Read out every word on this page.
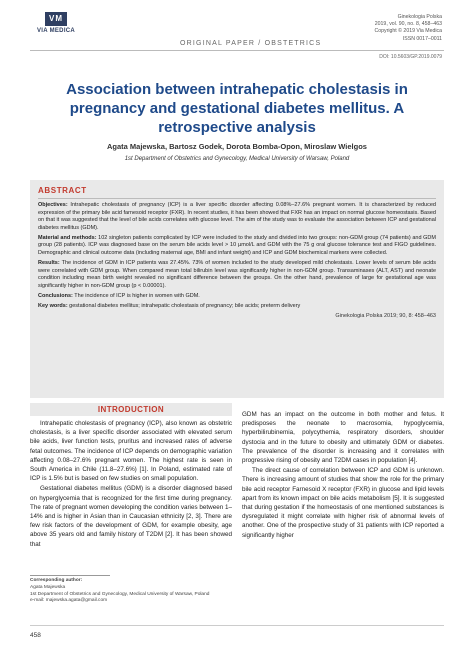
VM
VIA MEDICA
ORIGINAL PAPER / OBSTETRICS
Ginekologia Polska
2019, vol. 90, no. 8, 458–463
Copyright © 2019 Via Medica
ISSN 0017–0011
DOI: 10.5603/GP.2019.0079
Association between intrahepatic cholestasis in pregnancy and gestational diabetes mellitus. A retrospective analysis
Agata Majewska, Bartosz Godek, Dorota Bomba-Opon, Miroslaw Wielgos
1st Department of Obstetrics and Gynecology, Medical University of Warsaw, Poland
ABSTRACT

Objectives: Intrahepatic cholestasis of pregnancy (ICP) is a liver specific disorder affecting 0.08%–27.6% pregnant women. It is characterized by reduced expression of the primary bile acid farnesoid receptor (FXR). In recent studies, it has been showed that FXR has an impact on normal glucose homeostasis. Based on that it was suggested that the level of bile acids correlates with glucose level. The aim of the study was to evaluate the association between ICP and gestational diabetes mellitus (GDM).

Material and methods: 102 singleton patients complicated by ICP were included to the study and divided into two groups: non-GDM group (74 patients) and GDM group (28 patients). ICP was diagnosed base on the serum bile acids level > 10 µmol/L and GDM with the 75 g oral glucose tolerance test and FIGO guidelines. Demographic and clinical outcome data (including maternal age, BMI and infant weight) and ICP and GDM biochemical markers were collected.

Results: The incidence of GDM in ICP patients was 27.45%. 73% of women included to the study developed mild cholestasis. Lower levels of serum bile acids were correlated with GDM group. When compared mean total bilirubin level was significantly higher in non-GDM group. Transaminases (ALT, AST) and neonate condition including mean birth weight revealed no significant difference between the groups. On the other hand, prevalence of large for gestational age was significantly higher in non-GDM group (p < 0.00001).

Conclusions: The incidence of ICP is higher in women with GDM.

Key words: gestational diabetes mellitus; intrahepatic cholestasis of pregnancy; bile acids; preterm delivery

Ginekologia Polska 2019; 90, 8: 458–463
INTRODUCTION

Intrahepatic cholestasis of pregnancy (ICP), also known as obstetric cholestasis, is a liver specific disorder associated with elevated serum bile acids, liver function tests, pruritus and increased rates of adverse fetal outcomes. The incidence of ICP depends on demographic variation affecting 0.08–27.6% pregnant women. The highest rate is seen in South America in Chile (11.8–27.6%) [1]. In Poland, estimated rate of ICP is 1.5% but is based on few studies on small population.

Gestational diabetes mellitus (GDM) is a disorder diagnosed based on hyperglycemia that is recognized for the first time during pregnancy. The rate of pregnant women developing the condition varies between 1–14% and is higher in Asian than in Caucasian ethnicity [2, 3]. There are few risk factors of the development of GDM, for example obesity, age above 35 years old and family history of T2DM [2]. It has been showed that

GDM has an impact on the outcome in both mother and fetus. It predisposes the neonate to macrosomia, hypoglycemia, hyperbilirubinemia, polycythemia, respiratory disorders, shoulder dystocia and in the future to obesity and ultimately GDM or diabetes. The prevalence of the disorder is increasing and it correlates with progressive rising of obesity and T2DM cases in population [4].

The direct cause of correlation between ICP and GDM is unknown. There is increasing amount of studies that show the role for the primary bile acid receptor Farnesoid X receptor (FXR) in glucose and lipid levels apart from its known impact on bile acids metabolism [5]. It is suggested that during gestation if the homeostasis of one mentioned substances is dysregulated it might correlate with higher risk of abnormal levels of another. One of the prospective study of 31 patients with ICP reported a significantly higher

Corresponding author:
Agata Majewska
1st Department of Obstetrics and Gynecology, Medical University of Warsaw, Poland
e-mail: majewska.agata@gmail.com
458
